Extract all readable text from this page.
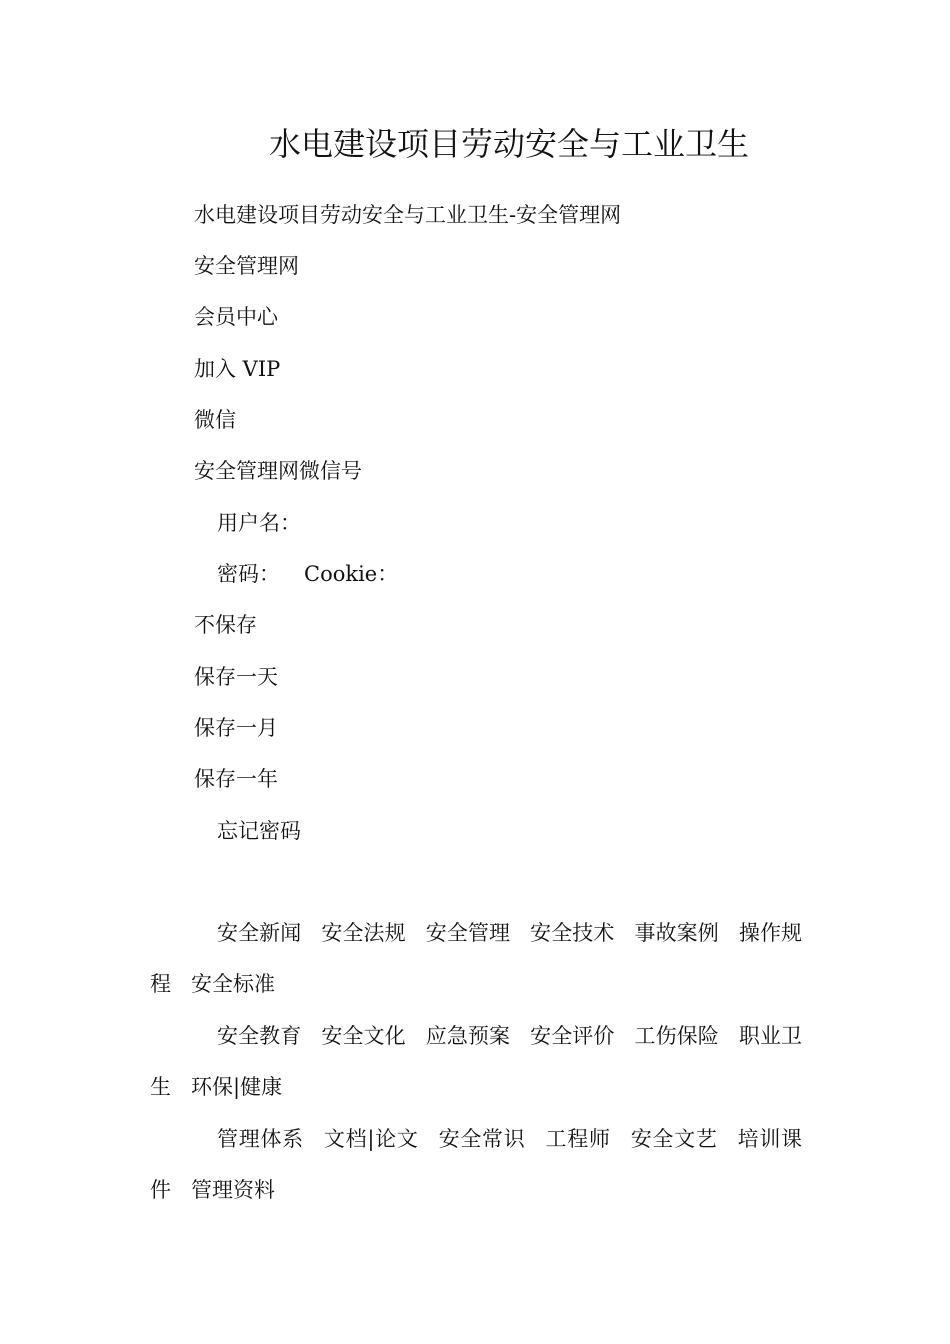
水电建设项目劳动安全与工业卫生
水电建设项目劳动安全与工业卫生-安全管理网
安全管理网
会员中心
加入 VIP
微信
安全管理网微信号
用户名：
密码： Cookie：
不保存
保存一天
保存一月
保存一年
忘记密码
安全新闻 安全法规 安全管理 安全技术 事故案例 操作规程 安全标准
安全教育 安全文化 应急预案 安全评价 工伤保险 职业卫生 环保|健康
管理体系 文档|论文 安全常识 工程师 安全文艺 培训课件 管理资料
